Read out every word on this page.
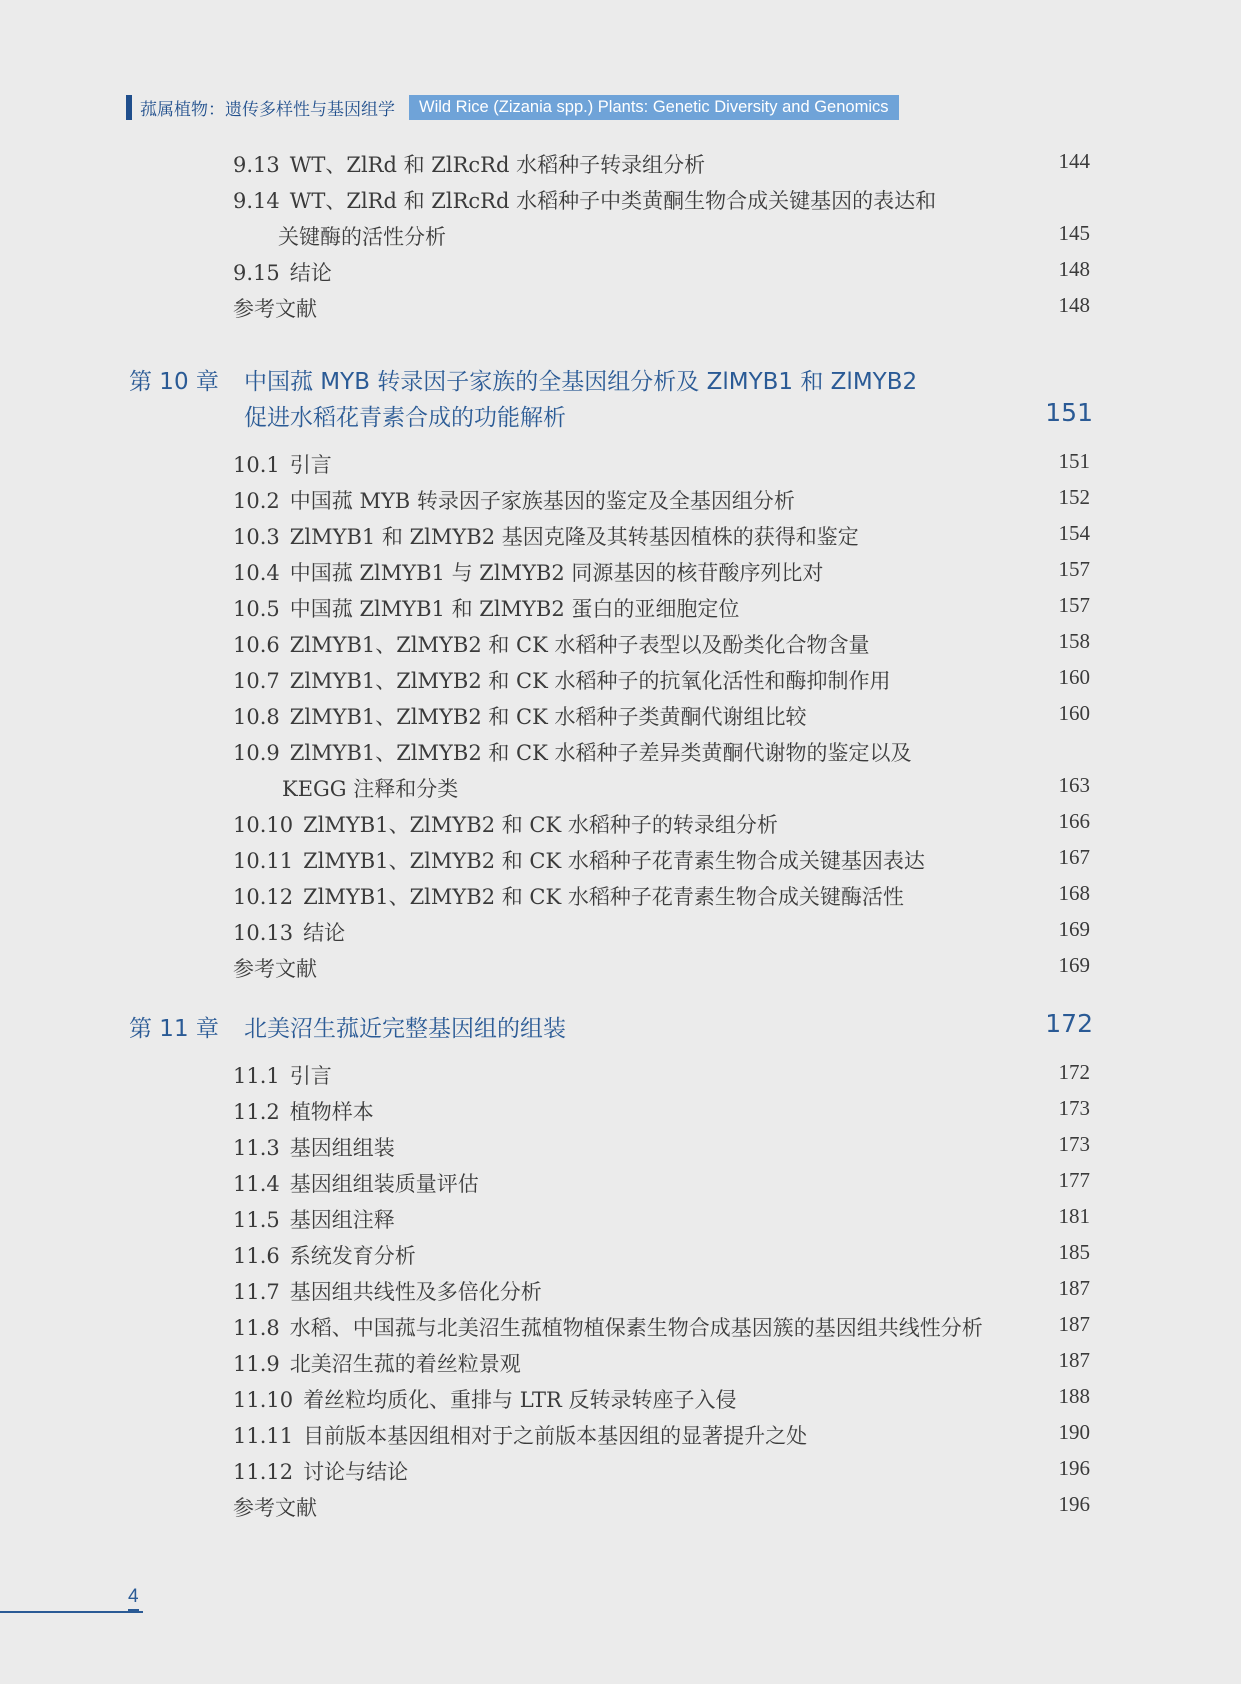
菰属植物：遗传多样性与基因组学	Wild Rice (Zizania spp.) Plants: Genetic Diversity and Genomics
9.13 WT、ZlRd 和 ZlRcRd 水稻种子转录组分析	144
9.14 WT、ZlRd 和 ZlRcRd 水稻种子中类黄酮生物合成关键基因的表达和
关键酶的活性分析	145
9.15 结论	148
参考文献	148
第 10 章 中国菰 MYB 转录因子家族的全基因组分析及 ZlMYB1 和 ZlMYB2
促进水稻花青素合成的功能解析	151
10.1 引言	151
10.2 中国菰 MYB 转录因子家族基因的鉴定及全基因组分析	152
10.3 ZlMYB1 和 ZlMYB2 基因克隆及其转基因植株的获得和鉴定	154
10.4 中国菰 ZlMYB1 与 ZlMYB2 同源基因的核苷酸序列比对	157
10.5 中国菰 ZlMYB1 和 ZlMYB2 蛋白的亚细胞定位	157
10.6 ZlMYB1、ZlMYB2 和 CK 水稻种子表型以及酚类化合物含量	158
10.7 ZlMYB1、ZlMYB2 和 CK 水稻种子的抗氧化活性和酶抑制作用	160
10.8 ZlMYB1、ZlMYB2 和 CK 水稻种子类黄酮代谢组比较	160
10.9 ZlMYB1、ZlMYB2 和 CK 水稻种子差异类黄酮代谢物的鉴定以及
KEGG 注释和分类	163
10.10 ZlMYB1、ZlMYB2 和 CK 水稻种子的转录组分析	166
10.11 ZlMYB1、ZlMYB2 和 CK 水稻种子花青素生物合成关键基因表达	167
10.12 ZlMYB1、ZlMYB2 和 CK 水稻种子花青素生物合成关键酶活性	168
10.13 结论	169
参考文献	169
第 11 章 北美沼生菰近完整基因组的组装	172
11.1 引言	172
11.2 植物样本	173
11.3 基因组组装	173
11.4 基因组组装质量评估	177
11.5 基因组注释	181
11.6 系统发育分析	185
11.7 基因组共线性及多倍化分析	187
11.8 水稻、中国菰与北美沼生菰植物植保素生物合成基因簇的基因组共线性分析	187
11.9 北美沼生菰的着丝粒景观	187
11.10 着丝粒均质化、重排与 LTR 反转录转座子入侵	188
11.11 目前版本基因组相对于之前版本基因组的显著提升之处	190
11.12 讨论与结论	196
参考文献	196
4
